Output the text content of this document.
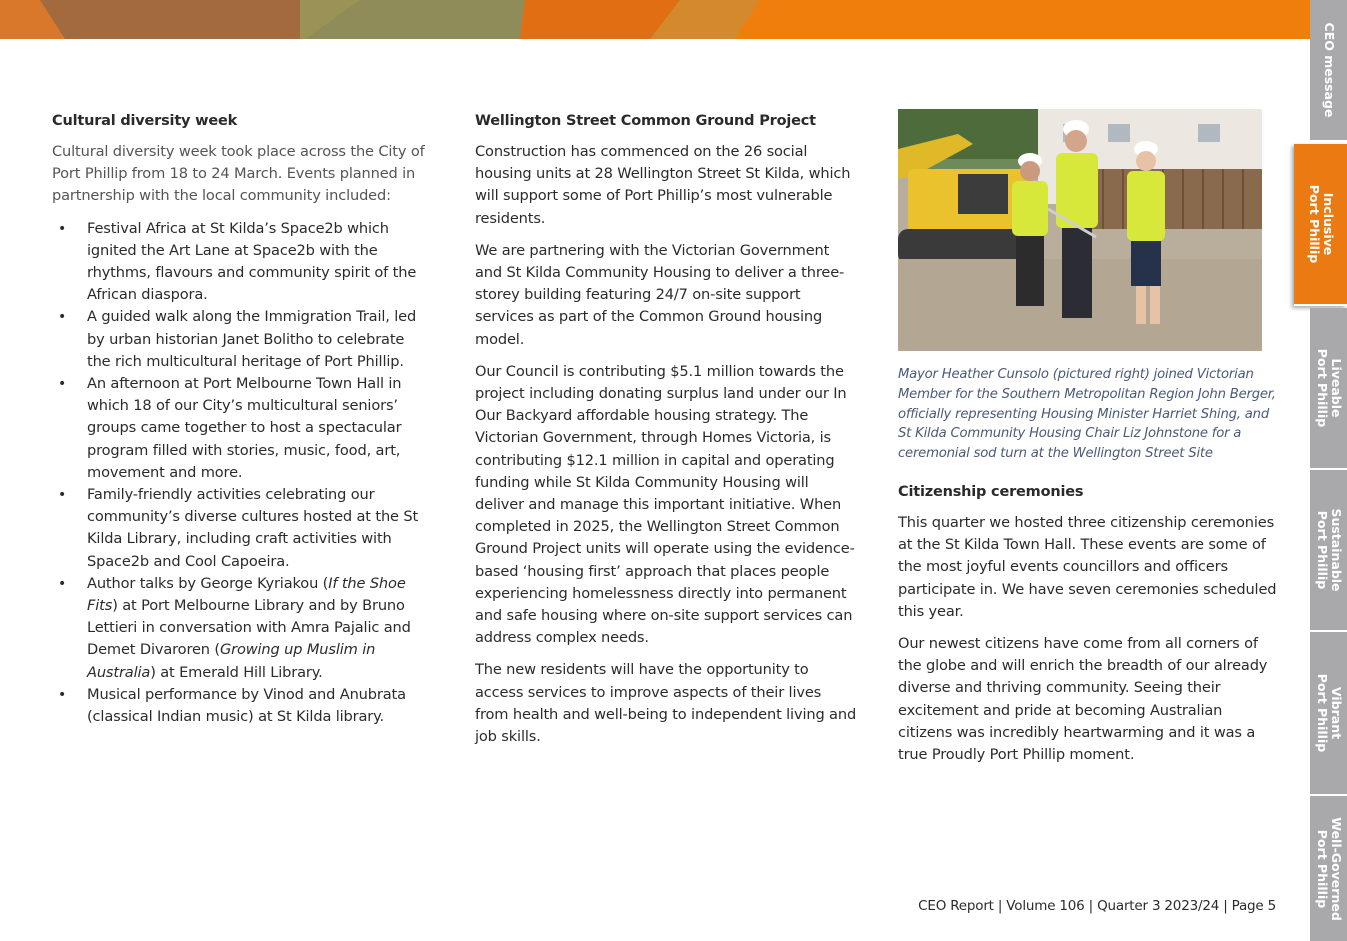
Cultural diversity week

Cultural diversity week took place across the City of Port Phillip from 18 to 24 March. Events planned in partnership with the local community included:

• Festival Africa at St Kilda’s Space2b which ignited the Art Lane at Space2b with the rhythms, flavours and community spirit of the African diaspora.
• A guided walk along the Immigration Trail, led by urban historian Janet Bolitho to celebrate the rich multicultural heritage of Port Phillip.
• An afternoon at Port Melbourne Town Hall in which 18 of our City’s multicultural seniors’ groups came together to host a spectacular program filled with stories, music, food, art, movement and more.
• Family-friendly activities celebrating our community’s diverse cultures hosted at the St Kilda Library, including craft activities with Space2b and Cool Capoeira.
• Author talks by George Kyriakou (If the Shoe Fits) at Port Melbourne Library and by Bruno Lettieri in conversation with Amra Pajalic and Demet Divaroren (Growing up Muslim in Australia) at Emerald Hill Library.
• Musical performance by Vinod and Anubrata (classical Indian music) at St Kilda library.
Wellington Street Common Ground Project

Construction has commenced on the 26 social housing units at 28 Wellington Street St Kilda, which will support some of Port Phillip’s most vulnerable residents.

We are partnering with the Victorian Government and St Kilda Community Housing to deliver a three-storey building featuring 24/7 on-site support services as part of the Common Ground housing model.

Our Council is contributing $5.1 million towards the project including donating surplus land under our In Our Backyard affordable housing strategy. The Victorian Government, through Homes Victoria, is contributing $12.1 million in capital and operating funding while St Kilda Community Housing will deliver and manage this important initiative. When completed in 2025, the Wellington Street Common Ground Project units will operate using the evidence-based ‘housing first’ approach that places people experiencing homelessness directly into permanent and safe housing where on-site support services can address complex needs.

The new residents will have the opportunity to access services to improve aspects of their lives from health and well-being to independent living and job skills.

Mayor Heather Cunsolo (pictured right) joined Victorian Member for the Southern Metropolitan Region John Berger, officially representing Housing Minister Harriet Shing, and St Kilda Community Housing Chair Liz Johnstone for a ceremonial sod turn at the Wellington Street Site

Citizenship ceremonies

This quarter we hosted three citizenship ceremonies at the St Kilda Town Hall. These events are some of the most joyful events councillors and officers participate in. We have seven ceremonies scheduled this year.

Our newest citizens have come from all corners of the globe and will enrich the breadth of our already diverse and thriving community. Seeing their excitement and pride at becoming Australian citizens was incredibly heartwarming and it was a true Proudly Port Phillip moment.

CEO Report | Volume 106 | Quarter 3 2023/24 | Page 5
CEO message
Inclusive
Port Phillip
Liveable
Port Phillip
Sustainable
Port Phillip
Vibrant
Port Phillip
Well-Governed
Port Phillip
